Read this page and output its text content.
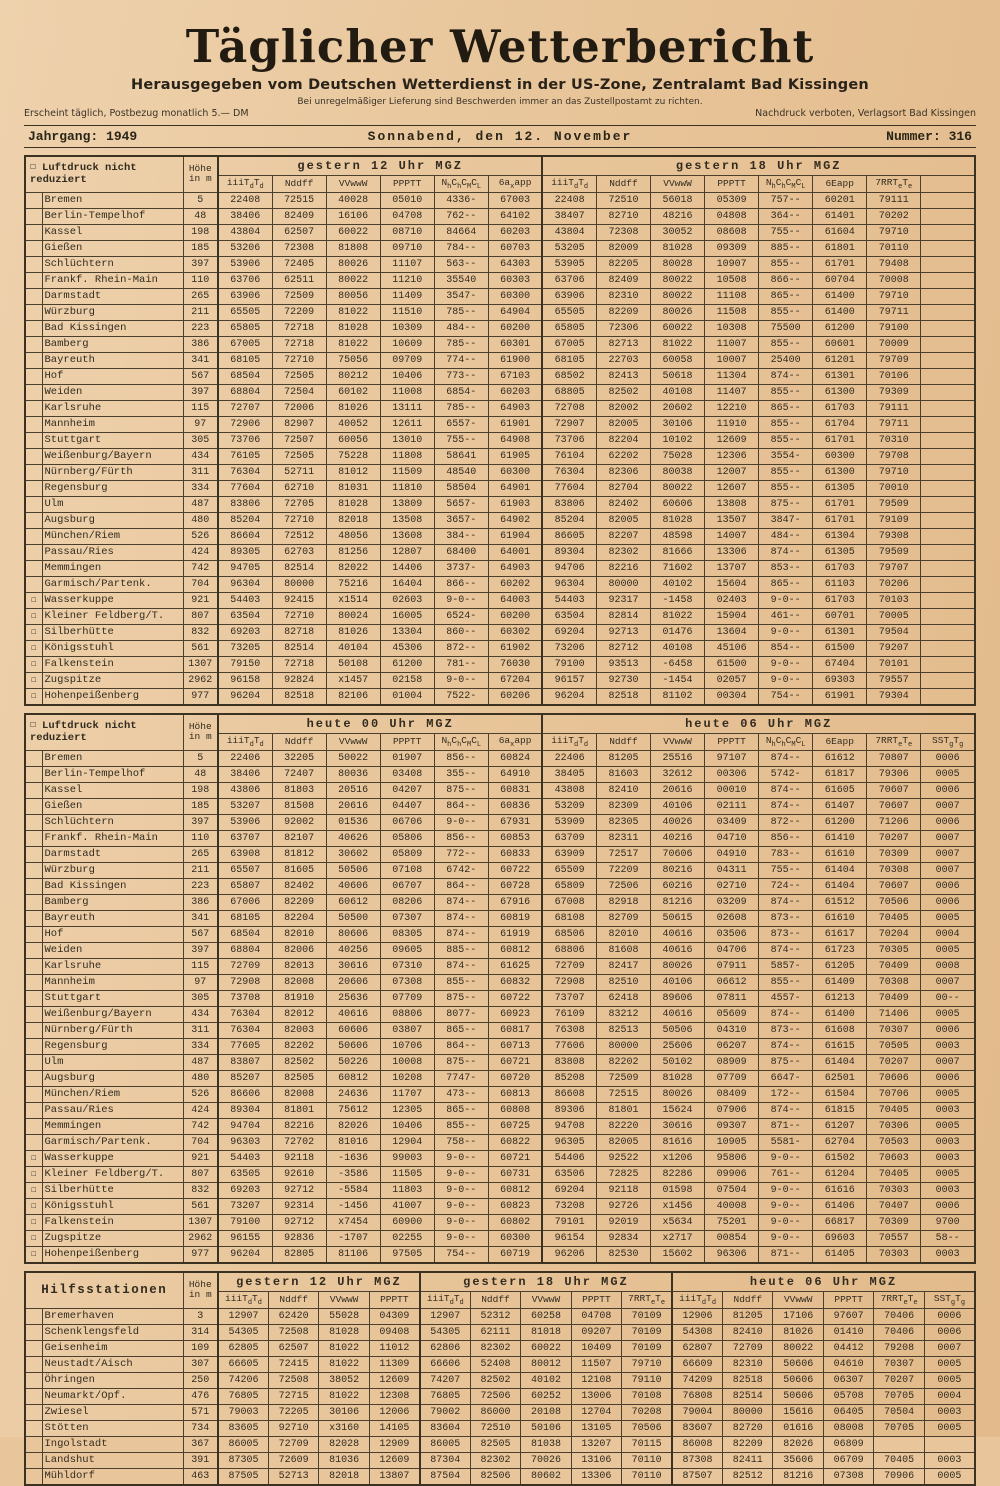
Täglicher Wetterbericht
Herausgegeben vom Deutschen Wetterdienst in der US-Zone, Zentralamt Bad Kissingen
Bei unregelmäßiger Lieferung sind Beschwerden immer an das Zustellpostamt zu richten.
Erscheint täglich, Postbezug monatlich 5.— DM	Nachdruck verboten, Verlagsort Bad Kissingen
Jahrgang: 1949	Sonnabend, den 12. November	Nummer: 316
☐ Luftdruck nicht reduziert		Höhe in m	gestern 12 Uhr MGZ						gestern 18 Uhr MGZ							
			$iiiT_dT_d$	Nddff	VVwwW	PPPTT	$N_hC_hC_MC_L$	$6a_xapp$	$iiiT_dT_d$	Nddff	VVwwW	PPPTT	$N_hC_hC_MC_L$	6Eapp	$7RRT_eT_e$	
	Bremen	5	22408	72515	40028	05010	4336-	67003	22408	72510	56018	05309	757--	60201	79111	
	Berlin-Tempelhof	48	38406	82409	16106	04708	762--	64102	38407	82710	48216	04808	364--	61401	70202	
	Kassel	198	43804	62507	60022	08710	84664	60203	43804	72308	30052	08608	755--	61604	79710	
	Gießen	185	53206	72308	81808	09710	784--	60703	53205	82009	81028	09309	885--	61801	70110	
	Schlüchtern	397	53906	72405	80026	11107	563--	64303	53905	82205	80028	10907	855--	61701	79408	
	Frankf. Rhein-Main	110	63706	62511	80022	11210	35540	60303	63706	82409	80022	10508	866--	60704	70008	
	Darmstadt	265	63906	72509	80056	11409	3547-	60300	63906	82310	80022	11108	865--	61400	79710	
	Würzburg	211	65505	72209	81022	11510	785--	64904	65505	82209	80026	11508	855--	61400	79711	
	Bad Kissingen	223	65805	72718	81028	10309	484--	60200	65805	72306	60022	10308	75500	61200	79100	
	Bamberg	386	67005	72718	81022	10609	785--	60301	67005	82713	81022	11007	855--	60601	70009	
	Bayreuth	341	68105	72710	75056	09709	774--	61900	68105	22703	60058	10007	25400	61201	79709	
	Hof	567	68504	72505	80212	10406	773--	67103	68502	82413	50618	11304	874--	61301	70106	
	Weiden	397	68804	72504	60102	11008	6854-	60203	68805	82502	40108	11407	855--	61300	79309	
	Karlsruhe	115	72707	72006	81026	13111	785--	64903	72708	82002	20602	12210	865--	61703	79111	
	Mannheim	97	72906	82907	40052	12611	6557-	61901	72907	82005	30106	11910	855--	61704	79711	
	Stuttgart	305	73706	72507	60056	13010	755--	64908	73706	82204	10102	12609	855--	61701	70310	
	Weißenburg/Bayern	434	76105	72505	75228	11808	58641	61905	76104	62202	75028	12306	3554-	60300	79708	
	Nürnberg/Fürth	311	76304	52711	81012	11509	48540	60300	76304	82306	80038	12007	855--	61300	79710	
	Regensburg	334	77604	62710	81031	11810	58504	64901	77604	82704	80022	12607	855--	61305	70010	
	Ulm	487	83806	72705	81028	13809	5657-	61903	83806	82402	60606	13808	875--	61701	79509	
	Augsburg	480	85204	72710	82018	13508	3657-	64902	85204	82005	81028	13507	3847-	61701	79109	
	München/Riem	526	86604	72512	48056	13608	384--	61904	86605	82207	48598	14007	484--	61304	79308	
	Passau/Ries	424	89305	62703	81256	12807	68400	64001	89304	82302	81666	13306	874--	61305	79509	
	Memmingen	742	94705	82514	82022	14406	3737-	64903	94706	82216	71602	13707	853--	61703	79707	
	Garmisch/Partenk.	704	96304	80000	75216	16404	866--	60202	96304	80000	40102	15604	865--	61103	70206	
☐	Wasserkuppe	921	54403	92415	x1514	02603	9-0--	64003	54403	92317	-1458	02403	9-0--	61703	70103	
☐	Kleiner Feldberg/T.	807	63504	72710	80024	16005	6524-	60200	63504	82814	81022	15904	461--	60701	70005	
☐	Silberhütte	832	69203	82718	81026	13304	860--	60302	69204	92713	01476	13604	9-0--	61301	79504	
☐	Königsstuhl	561	73205	82514	40104	45306	872--	61902	73206	82712	40108	45106	854--	61500	79207	
☐	Falkenstein	1307	79150	72718	50108	61200	781--	76030	79100	93513	-6458	61500	9-0--	67404	70101	
☐	Zugspitze	2962	96158	92824	x1457	02158	9-0--	67204	96157	92730	-1454	02057	9-0--	69303	79557	
☐	Hohenpeißenberg	977	96204	82518	82106	01004	7522-	60206	96204	82518	81102	00304	754--	61901	79304	
☐ Luftdruck nicht reduziert		Höhe in m	heute 00 Uhr MGZ						heute 06 Uhr MGZ							
			$iiiT_dT_d$	Nddff	VVwwW	PPPTT	$N_hC_hC_MC_L$	$6a_xapp$	$iiiT_dT_d$	Nddff	VVwwW	PPPTT	$N_hC_hC_MC_L$	6Eapp	$7RRT_eT_e$	$SST_gT_g$
	Bremen	5	22406	32205	50022	01907	856--	60824	22406	81205	25516	97107	874--	61612	70807	0006
	Berlin-Tempelhof	48	38406	72407	80036	03408	355--	64910	38405	81603	32612	00306	5742-	61817	79306	0005
	Kassel	198	43806	81803	20516	04207	875--	60831	43808	82410	20616	00010	874--	61605	70607	0006
	Gießen	185	53207	81508	20616	04407	864--	60836	53209	82309	40106	02111	874--	61407	70607	0007
	Schlüchtern	397	53906	92002	01536	06706	9-0--	67931	53909	82305	40026	03409	872--	61200	71206	0006
	Frankf. Rhein-Main	110	63707	82107	40626	05806	856--	60853	63709	82311	40216	04710	856--	61410	70207	0007
	Darmstadt	265	63908	81812	30602	05809	772--	60833	63909	72517	70606	04910	783--	61610	70309	0007
	Würzburg	211	65507	81605	50506	07108	6742-	60722	65509	72209	80216	04311	755--	61404	70308	0007
	Bad Kissingen	223	65807	82402	40606	06707	864--	60728	65809	72506	60216	02710	724--	61404	70607	0006
	Bamberg	386	67006	82209	60612	08206	874--	67916	67008	82918	81216	03209	874--	61512	70506	0006
	Bayreuth	341	68105	82204	50500	07307	874--	60819	68108	82709	50615	02608	873--	61610	70405	0005
	Hof	567	68504	82010	80606	08305	874--	61919	68506	82010	40616	03506	873--	61617	70204	0004
	Weiden	397	68804	82006	40256	09605	885--	60812	68806	81608	40616	04706	874--	61723	70305	0005
	Karlsruhe	115	72709	82013	30616	07310	874--	61625	72709	82417	80026	07911	5857-	61205	70409	0008
	Mannheim	97	72908	82008	20606	07308	855--	60832	72908	82510	40106	06612	855--	61409	70308	0007
	Stuttgart	305	73708	81910	25636	07709	875--	60722	73707	62418	89606	07811	4557-	61213	70409	00--
	Weißenburg/Bayern	434	76304	82012	40616	08806	8077-	60923	76109	83212	40616	05609	874--	61400	71406	0005
	Nürnberg/Fürth	311	76304	82003	60606	03807	865--	60817	76308	82513	50506	04310	873--	61608	70307	0006
	Regensburg	334	77605	82202	50606	10706	864--	60713	77606	80000	25606	06207	874--	61615	70505	0003
	Ulm	487	83807	82502	50226	10008	875--	60721	83808	82202	50102	08909	875--	61404	70207	0007
	Augsburg	480	85207	82505	60812	10208	7747-	60720	85208	72509	81028	07709	6647-	62501	70606	0006
	München/Riem	526	86606	82008	24636	11707	473--	60813	86608	72515	80026	08409	172--	61504	70706	0005
	Passau/Ries	424	89304	81801	75612	12305	865--	60808	89306	81801	15624	07906	874--	61815	70405	0003
	Memmingen	742	94704	82216	82026	10406	855--	60725	94708	82220	30616	09307	871--	61207	70306	0005
	Garmisch/Partenk.	704	96303	72702	81016	12904	758--	60822	96305	82005	81616	10905	5581-	62704	70503	0003
☐	Wasserkuppe	921	54403	92118	-1636	99003	9-0--	60721	54406	92522	x1206	95806	9-0--	61502	70603	0003
☐	Kleiner Feldberg/T.	807	63505	92610	-3586	11505	9-0--	60731	63506	72825	82286	09906	761--	61204	70405	0005
☐	Silberhütte	832	69203	92712	-5584	11803	9-0--	60812	69204	92118	01598	07504	9-0--	61616	70303	0003
☐	Königsstuhl	561	73207	92314	-1456	41007	9-0--	60823	73208	92726	x1456	40008	9-0--	61406	70407	0006
☐	Falkenstein	1307	79100	92712	x7454	60900	9-0--	60802	79101	92019	x5634	75201	9-0--	66817	70309	9700
☐	Zugspitze	2962	96155	92836	-1707	02255	9-0--	60300	96154	92834	x2717	00854	9-0--	69603	70557	58--
☐	Hohenpeißenberg	977	96204	82805	81106	97505	754--	60719	96206	82530	15602	96306	871--	61405	70303	0003
Hilfsstationen		Höhe in m	gestern 12 Uhr MGZ				gestern 18 Uhr MGZ					heute 06 Uhr MGZ					
			$iiiT_dT_d$	Nddff	VVwwW	PPPTT	$iiiT_dT_d$	Nddff	VVwwW	PPPTT	$7RRT_eT_e$	$iiiT_dT_d$	Nddff	VVwwW	PPPTT	$7RRT_eT_e$	$SST_gT_g$
	Bremerhaven	3	12907	62420	55028	04309	12907	52312	60258	04708	70109	12906	81205	17106	97607	70406	0006
	Schenklengsfeld	314	54305	72508	81028	09408	54305	62111	81018	09207	70109	54308	82410	81026	01410	70406	0006
	Geisenheim	109	62805	62507	81022	11012	62806	82302	60022	10409	70109	62807	72709	80022	04412	79208	0007
	Neustadt/Aisch	307	66605	72415	81022	11309	66606	52408	80012	11507	79710	66609	82310	50606	04610	70307	0005
	Öhringen	250	74206	72508	38052	12609	74207	82502	40102	12108	79110	74209	82518	50606	06307	70207	0005
	Neumarkt/Opf.	476	76805	72715	81022	12308	76805	72506	60252	13006	70108	76808	82514	50606	05708	70705	0004
	Zwiesel	571	79003	72205	30106	12006	79002	86000	20108	12704	70208	79004	80000	15616	06405	70504	0003
	Stötten	734	83605	92710	x3160	14105	83604	72510	50106	13105	70506	83607	82720	01616	08008	70705	0005
	Ingolstadt	367	86005	72709	82028	12909	86005	82505	81038	13207	70115	86008	82209	82026	06809		
	Landshut	391	87305	72609	81036	12609	87304	82302	70026	13106	70110	87308	82411	35606	06709	70405	0003
	Mühldorf	463	87505	52713	82018	13807	87504	82506	80602	13306	70110	87507	82512	81216	07308	70906	0005
